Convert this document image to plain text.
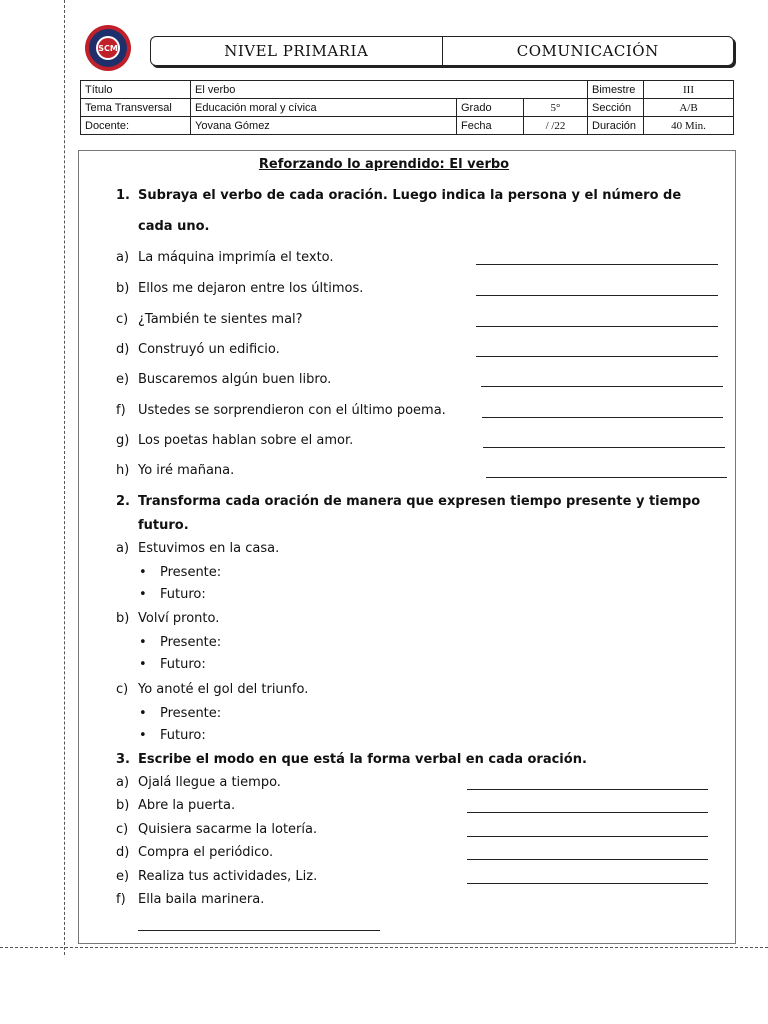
SCM	NIVEL PRIMARIA	COMUNICACIÓN
Título	El verbo			Bimestre	III
Tema Transversal	Educación moral y cívica	Grado	5°	Sección	A/B
Docente:	Yovana Gómez	Fecha	/ /22	Duración	40 Min.
Reforzando lo aprendido: El verbo
1. Subraya el verbo de cada oración. Luego indica la persona y el número de
cada uno.
a) La máquina imprimía el texto.
b) Ellos me dejaron entre los últimos.
c) ¿También te sientes mal?
d) Construyó un edificio.
e) Buscaremos algún buen libro.
f) Ustedes se sorprendieron con el último poema.
g) Los poetas hablan sobre el amor.
h) Yo iré mañana.
2. Transforma cada oración de manera que expresen tiempo presente y tiempo
futuro.
a) Estuvimos en la casa.
• Presente:
• Futuro:
b) Volví pronto.
• Presente:
• Futuro:
c) Yo anoté el gol del triunfo.
• Presente:
• Futuro:
3. Escribe el modo en que está la forma verbal en cada oración.
a) Ojalá llegue a tiempo.
b) Abre la puerta.
c) Quisiera sacarme la lotería.
d) Compra el periódico.
e) Realiza tus actividades, Liz.
f) Ella baila marinera.
